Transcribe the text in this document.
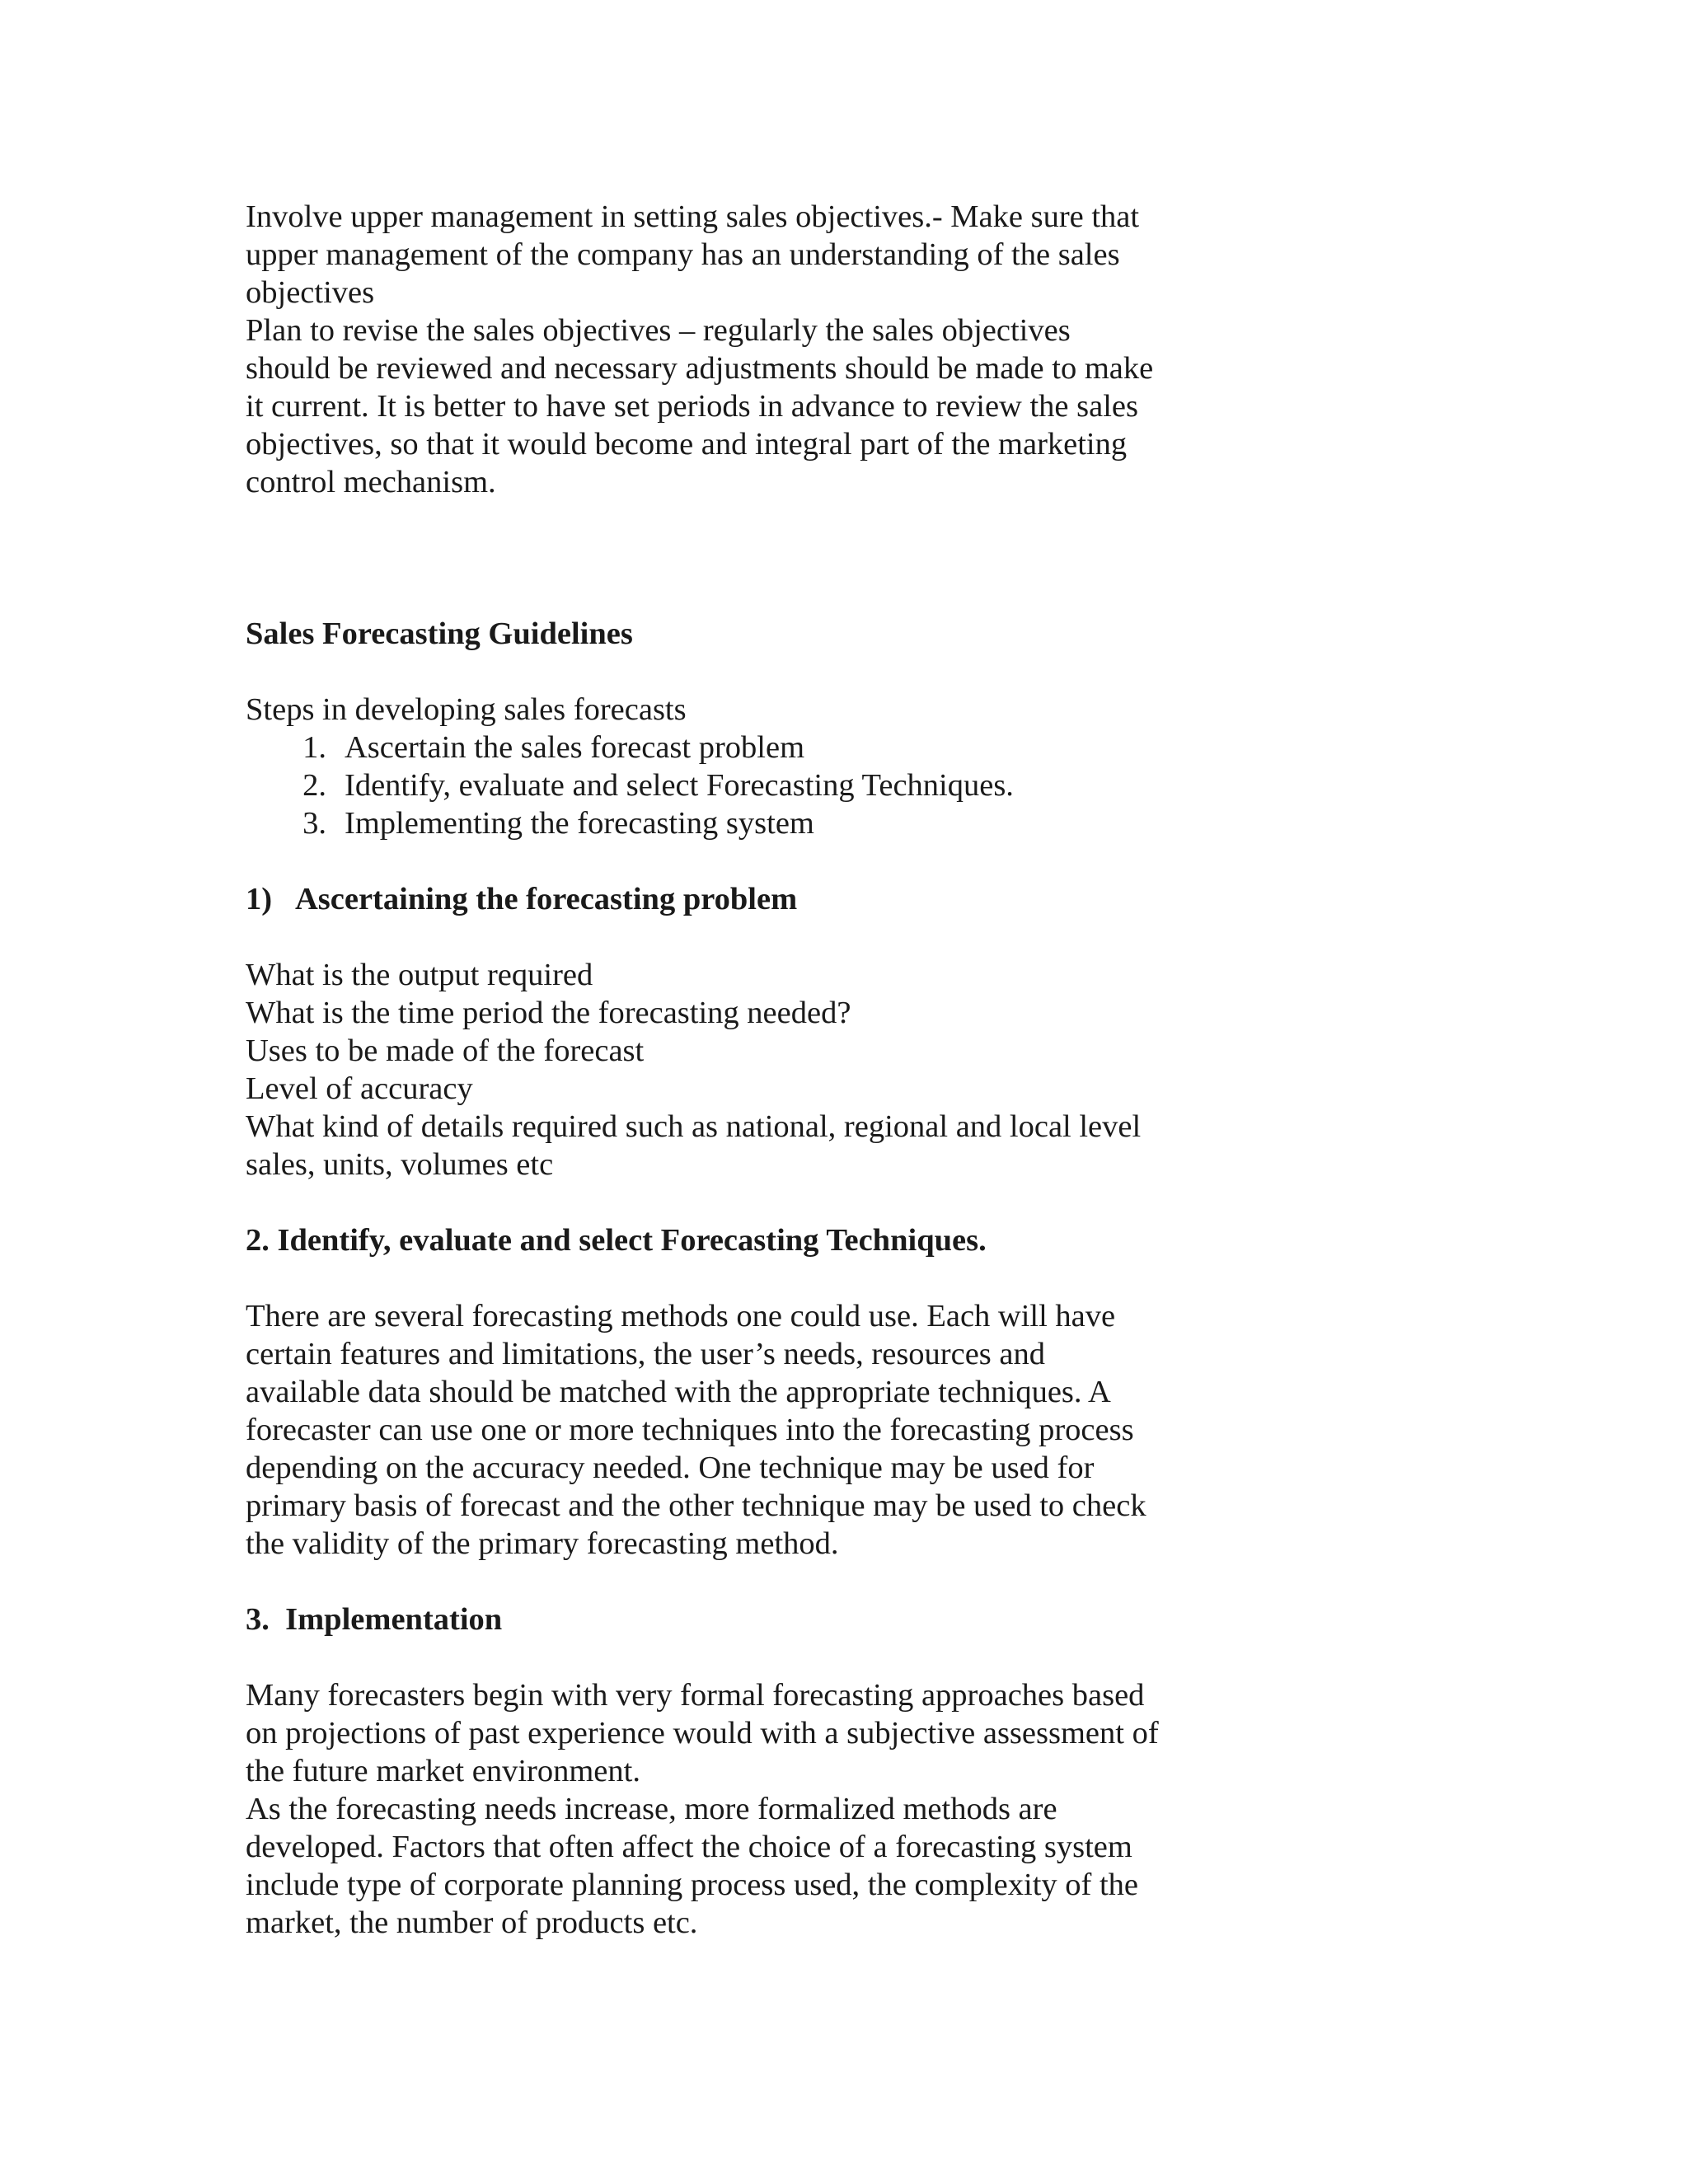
Involve upper management in setting sales objectives.- Make sure that
upper management of the company has an understanding of the sales
objectives

Plan to revise the sales objectives – regularly the sales objectives
should be reviewed and necessary adjustments should be made to make
it current. It is better to have set periods in advance to review the sales
objectives, so that it would become and integral part of the marketing
control mechanism.

Sales Forecasting Guidelines

Steps in developing sales forecasts

1. Ascertain the sales forecast problem
2. Identify, evaluate and select Forecasting Techniques.
3. Implementing the forecasting system

1) Ascertaining the forecasting problem

What is the output required
What is the time period the forecasting needed?
Uses to be made of the forecast
Level of accuracy
What kind of details required such as national, regional and local level
sales, units, volumes etc

2. Identify, evaluate and select Forecasting Techniques.

There are several forecasting methods one could use. Each will have
certain features and limitations, the user’s needs, resources and
available data should be matched with the appropriate techniques. A
forecaster can use one or more techniques into the forecasting process
depending on the accuracy needed. One technique may be used for
primary basis of forecast and the other technique may be used to check
the validity of the primary forecasting method.

3.  Implementation

Many forecasters begin with very formal forecasting approaches based
on projections of past experience would with a subjective assessment of
the future market environment.

As the forecasting needs increase, more formalized methods are
developed. Factors that often affect the choice of a forecasting system
include type of corporate planning process used, the complexity of the
market, the number of products etc.
